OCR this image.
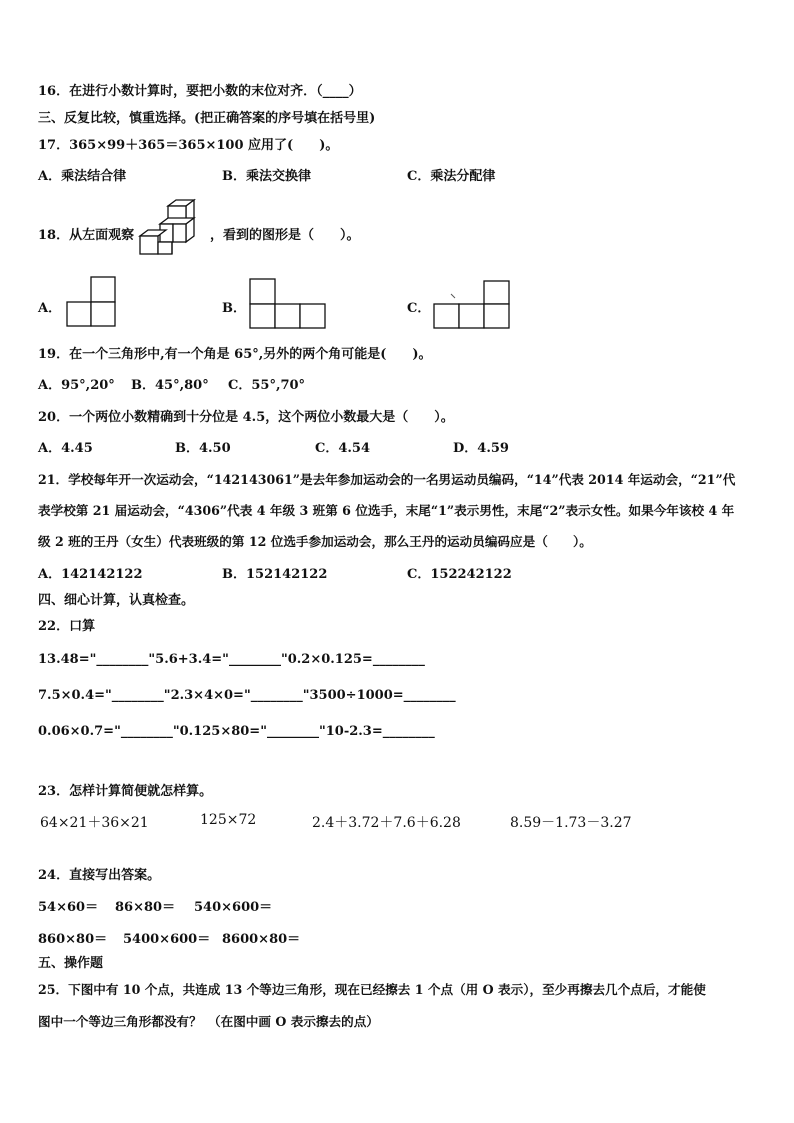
16．在进行小数计算时，要把小数的末位对齐．（____）
三、反复比较，慎重选择。(把正确答案的序号填在括号里)
17．365×99＋365＝365×100 应用了(　　)。
A．乘法结合律	B．乘法交换律	C．乘法分配律
18．从左面观察	，看到的图形是（　　）。
A．	B．	C．
19．在一个三角形中,有一个角是 65°,另外的两个角可能是(　　)。
A．95°,20° B．45°,80° C．55°,70°
20．一个两位小数精确到十分位是 4.5，这个两位小数最大是（　　）。
A．4.45	B．4.50	C．4.54	D．4.59
21．学校每年开一次运动会，“142143061”是去年参加运动会的一名男运动员编码，“14”代表 2014 年运动会，“21”代
表学校第 21 届运动会，“4306”代表 4 年级 3 班第 6 位选手，末尾“1”表示男性，末尾“2”表示女性。如果今年该校 4 年
级 2 班的王丹（女生）代表班级的第 12 位选手参加运动会，那么王丹的运动员编码应是（　　）。
A．142142122	B．152142122	C．152242122
四、细心计算，认真检查。
22．口算
13.48="________"5.6+3.4="________"0.2×0.125=________
7.5×0.4="________"2.3×4×0="________"3500÷1000=________
0.06×0.7="________"0.125×80="________"10-2.3=________
23．怎样计算简便就怎样算。
64×21＋36×21	125×72	2.4＋3.72＋7.6＋6.28	8.59－1.73－3.27
24．直接写出答案。
54×60＝ 86×80＝ 540×600＝
860×80＝ 5400×600＝ 8600×80＝
五、操作题
25．下图中有 10 个点，共连成 13 个等边三角形，现在已经擦去 1 个点（用 O 表示），至少再擦去几个点后，才能使
图中一个等边三角形都没有？　（在图中画 O 表示擦去的点）
